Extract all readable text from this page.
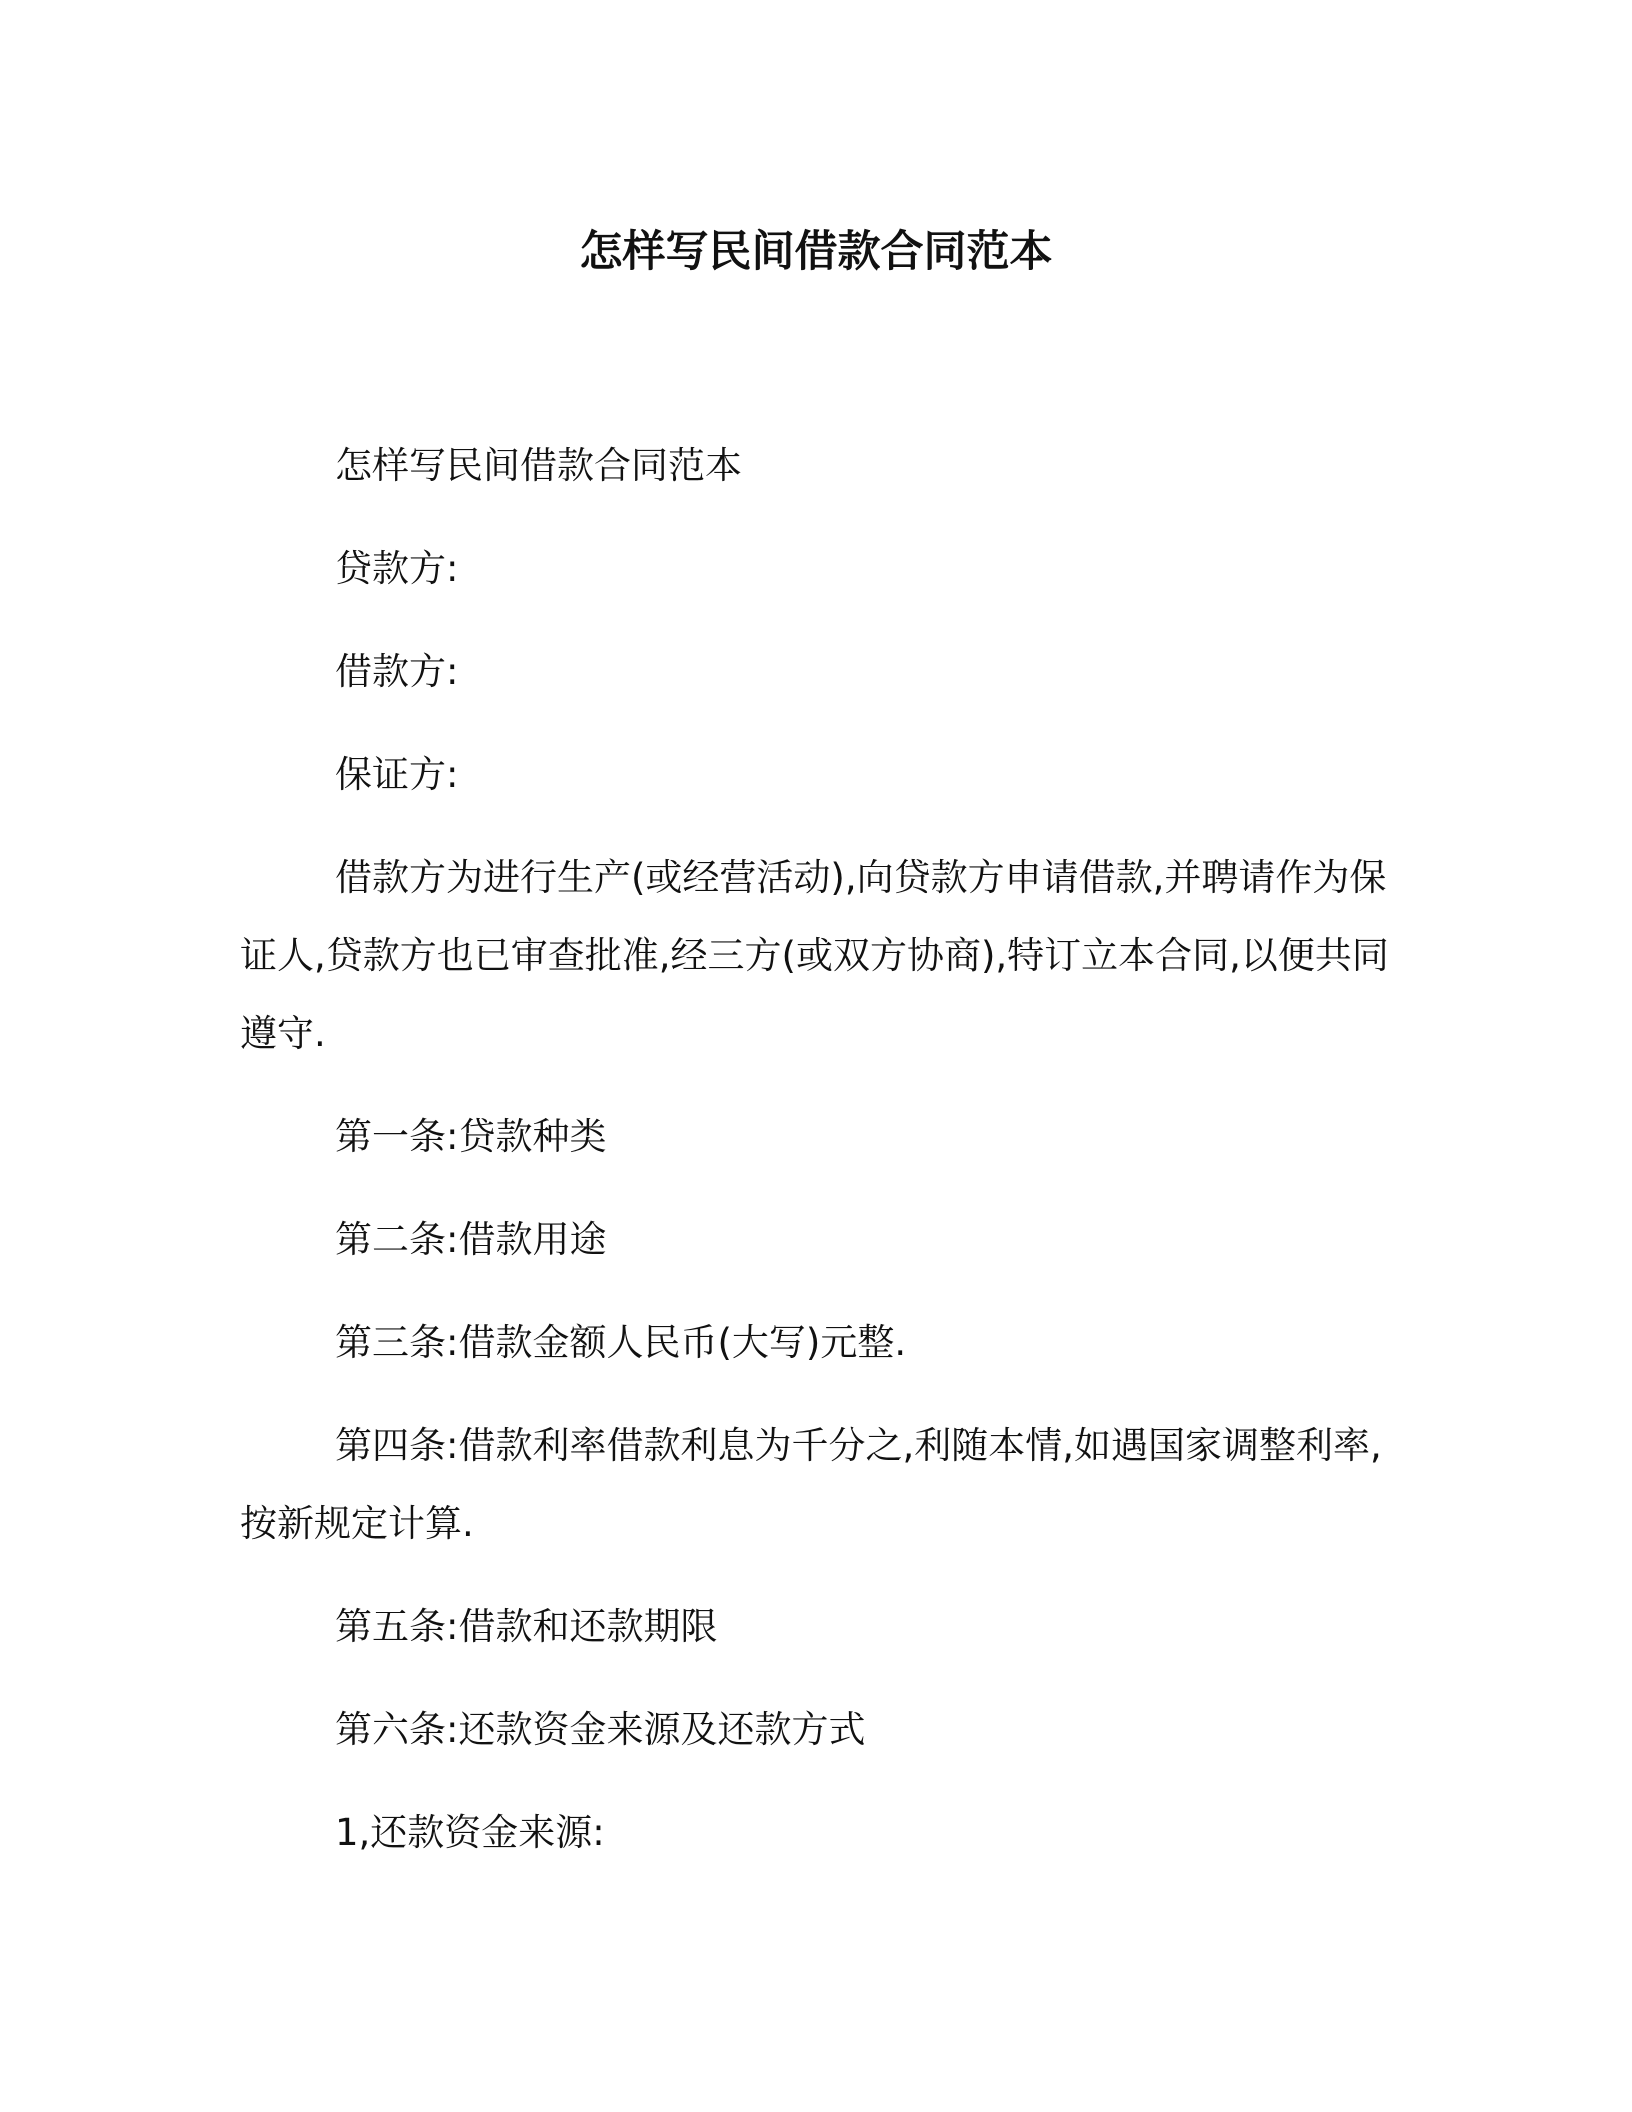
怎样写民间借款合同范本

怎样写民间借款合同范本

贷款方:

借款方:

保证方:

借款方为进行生产(或经营活动),向贷款方申请借款,并聘请作为保证人,贷款方也已审查批准,经三方(或双方协商),特订立本合同,以便共同遵守.

第一条:贷款种类

第二条:借款用途

第三条:借款金额人民币(大写)元整.

第四条:借款利率借款利息为千分之,利随本情,如遇国家调整利率,按新规定计算.

第五条:借款和还款期限

第六条:还款资金来源及还款方式

1,还款资金来源:
